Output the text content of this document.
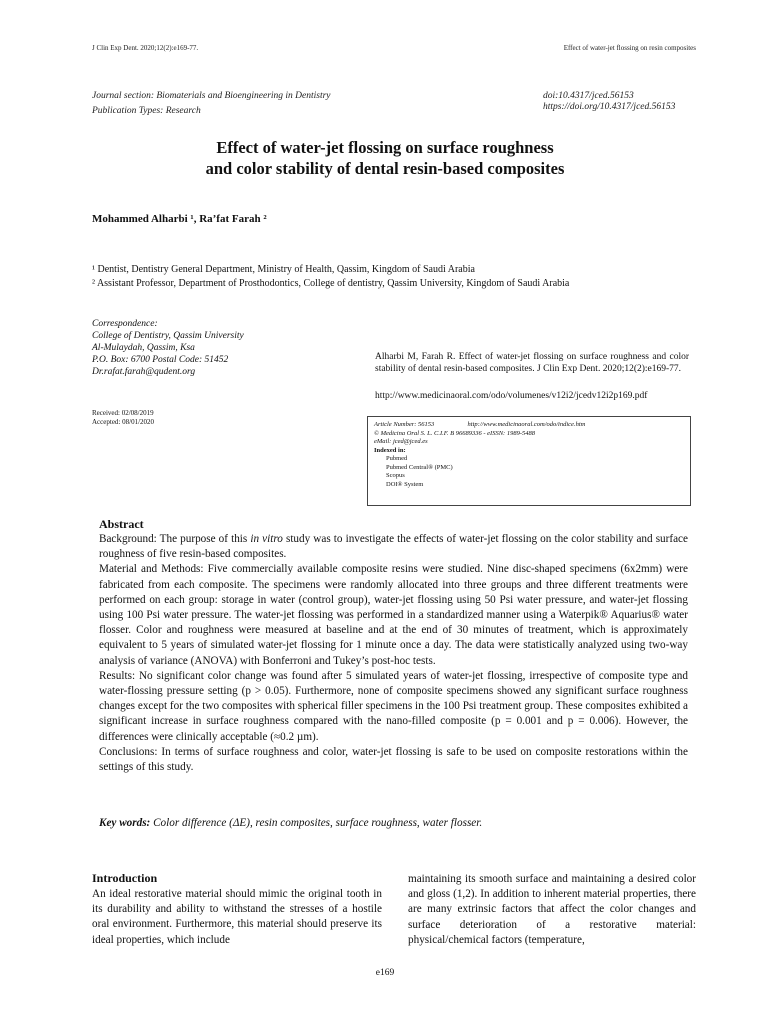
J Clin Exp Dent. 2020;12(2):e169-77.	Effect of water-jet flossing on resin composites
Journal section: Biomaterials and Bioengineering in Dentistry
Publication Types: Research
doi:10.4317/jced.56153
https://doi.org/10.4317/jced.56153
Effect of water-jet flossing on surface roughness
and color stability of dental resin-based composites
Mohammed Alharbi ¹, Ra’fat Farah ²
¹ Dentist, Dentistry General Department, Ministry of Health, Qassim, Kingdom of Saudi Arabia
² Assistant Professor, Department of Prosthodontics, College of dentistry, Qassim University, Kingdom of Saudi Arabia
Correspondence:
College of Dentistry, Qassim University
Al-Mulaydah, Qassim, Ksa
P.O. Box: 6700 Postal Code: 51452
Dr.rafat.farah@qudent.org
Received: 02/08/2019
Accepted: 08/01/2020
Alharbi M, Farah R. Effect of water-jet flossing on surface roughness and color stability of dental resin-based composites. J Clin Exp Dent. 2020;12(2):e169-77.
http://www.medicinaoral.com/odo/volumenes/v12i2/jcedv12i2p169.pdf
Article Number: 56153	http://www.medicinaoral.com/odo/indice.htm
© Medicina Oral S. L. C.I.F. B 96689336 - eISSN: 1989-5488
eMail: jced@jced.es
Indexed in:
Pubmed
Pubmed Central® (PMC)
Scopus
DOI® System
Abstract

Background: The purpose of this in vitro study was to investigate the effects of water-jet flossing on the color stability and surface roughness of five resin-based composites.

Material and Methods: Five commercially available composite resins were studied. Nine disc-shaped specimens (6x2mm) were fabricated from each composite. The specimens were randomly allocated into three groups and three different treatments were performed on each group: storage in water (control group), water-jet flossing using 50 Psi water pressure, and water-jet flossing using 100 Psi water pressure. The water-jet flossing was performed in a standardized manner using a Waterpik® Aquarius® water flosser. Color and roughness were measured at baseline and at the end of 30 minutes of treatment, which is approximately equivalent to 5 years of simulated water-jet flossing for 1 minute once a day. The data were statistically analyzed using two-way analysis of variance (ANOVA) with Bonferroni and Tukey’s post-hoc tests.

Results: No significant color change was found after 5 simulated years of water-jet flossing, irrespective of composite type and water-flossing pressure setting (p > 0.05). Furthermore, none of composite specimens showed any significant surface roughness changes except for the two composites with spherical filler specimens in the 100 Psi treatment group. These composites exhibited a significant increase in surface roughness compared with the nano-filled composite (p = 0.001 and p = 0.006). However, the differences were clinically acceptable (≈0.2 µm).

Conclusions: In terms of surface roughness and color, water-jet flossing is safe to be used on composite restorations within the settings of this study.

Key words: Color difference (ΔE), resin composites, surface roughness, water flosser.
Introduction

An ideal restorative material should mimic the original tooth in its durability and ability to withstand the stresses of a hostile oral environment. Furthermore, this material should preserve its ideal properties, which include

maintaining its smooth surface and maintaining a desired color and gloss (1,2). In addition to inherent material properties, there are many extrinsic factors that affect the color changes and surface deterioration of a restorative material: physical/chemical factors (temperature,

e169
